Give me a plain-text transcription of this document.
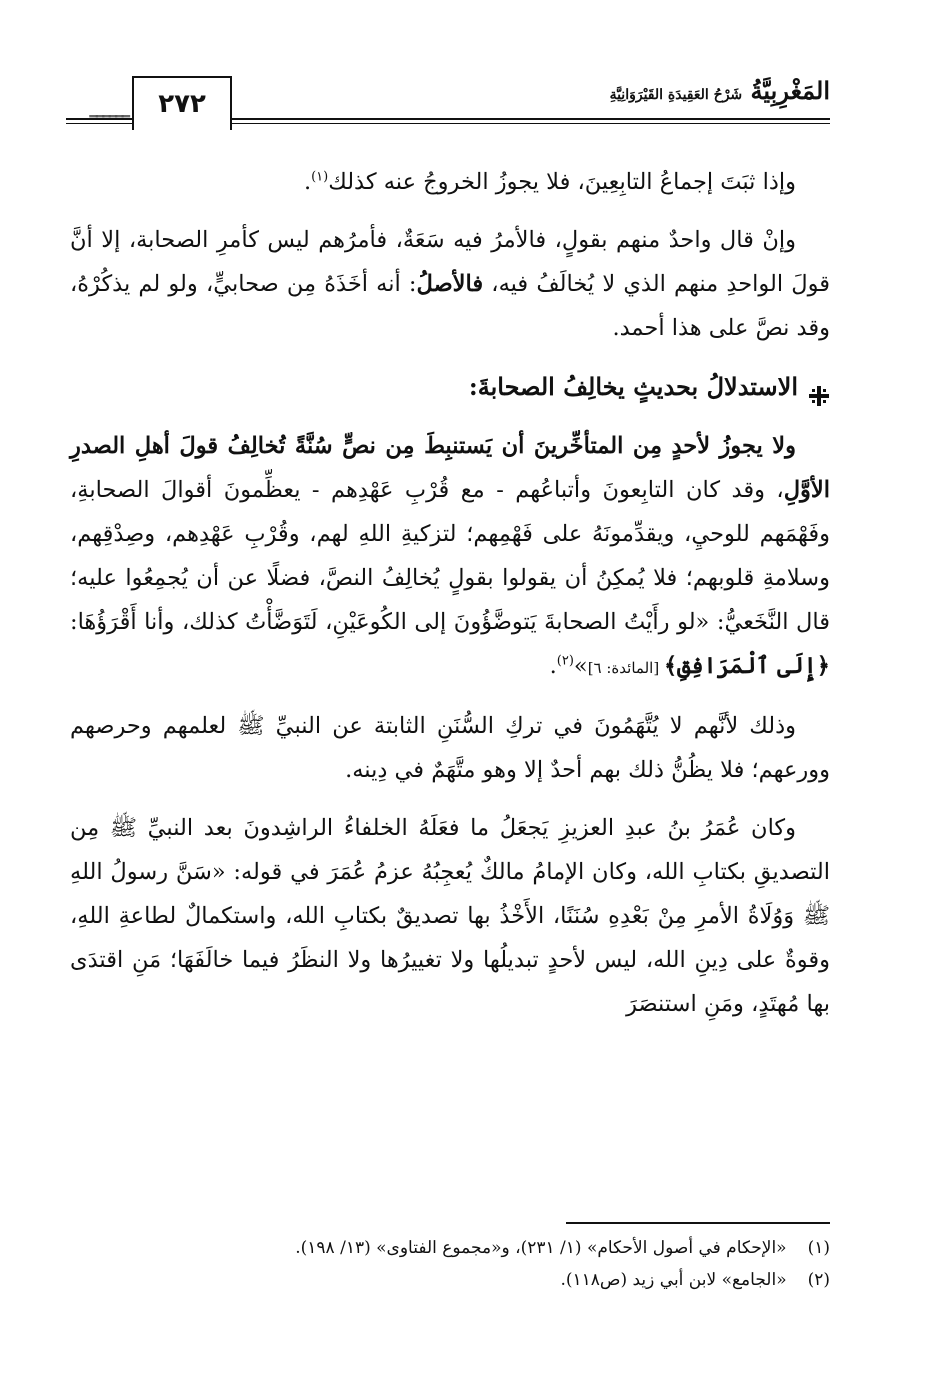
المَغْرِبِيَّةُ شَرْحُ العَقِيدَةِ القَيْرَوَانِيَّةِ
══════	٢٧٢

وإذا ثبَتَ إجماعُ التابِعِينَ، فلا يجوزُ الخروجُ عنه كذلك$^{(١)}$.

وإنْ قال واحدٌ منهم بقولٍ، فالأمرُ فيه سَعَةٌ، فأمرُهم ليس كأمرِ الصحابة، إلا أنَّ قولَ الواحدِ منهم الذي لا يُخالَفُ فيه، فالأصلُ: أنه أخَذَهُ مِن صحابيٍّ، ولو لم يذكُرْهُ، وقد نصَّ على هذا أحمد.

الاستدلالُ بحديثٍ يخالِفُ الصحابةَ:

ولا يجوزُ لأحدٍ مِن المتأخِّرينَ أن يَستنبِطَ مِن نصٍّ سُنَّةً تُخالِفُ قولَ أهلِ الصدرِ الأوَّلِ، وقد كان التابِعونَ وأتباعُهم - مع قُرْبِ عَهْدِهم - يعظِّمونَ أقوالَ الصحابةِ، وفَهْمَهم للوحيِ، ويقدِّمونَهُ على فَهْمِهم؛ لتزكيةِ اللهِ لهم، وقُرْبِ عَهْدِهم، وصِدْقِهم، وسلامةِ قلوبهم؛ فلا يُمكِنُ أن يقولوا بقولٍ يُخالِفُ النصَّ، فضلًا عن أن يُجمِعُوا عليه؛ قال النَّخَعيُّ: «لو رأَيْتُ الصحابةَ يَتوضَّؤُونَ إلى الكُوعَيْنِ، لَتَوَضَّأْتُ كذلك، وأنا أَقْرَؤُهَا: ﴿إِلَى ٱلْمَرَافِقِ﴾ [المائدة: ٦]»$^{(٢)}$.

وذلك لأنَّهم لا يُتَّهَمُونَ في تركِ السُّنَنِ الثابتة عن النبيِّ ﷺ لعلمهم وحرصهم وورعهم؛ فلا يظُنُّ ذلك بهم أحدٌ إلا وهو متَّهَمٌ في دِينه.

وكان عُمَرُ بنُ عبدِ العزيزِ يَجعَلُ ما فعَلَهُ الخلفاءُ الراشِدونَ بعد النبيِّ ﷺ مِن التصديقِ بكتابِ الله، وكان الإمامُ مالكٌ يُعجِبُهُ عزمُ عُمَرَ في قوله: «سَنَّ رسولُ اللهِ ﷺ وَوُلَاةُ الأمرِ مِنْ بَعْدِهِ سُنَنًا، الأَخْذُ بها تصديقٌ بكتابِ الله، واستكمالٌ لطاعةِ اللهِ، وقوةٌ على دِينِ الله، ليس لأحدٍ تبديلُها ولا تغييرُها ولا النظَرُ فيما خالَفَهَا؛ مَنِ اقتدَى بها مُهتَدٍ، ومَنِ استنصَرَ

(١) «الإحكام في أصول الأحكام» (١/ ٢٣١)، و«مجموع الفتاوى» (١٣/ ١٩٨).

(٢) «الجامع» لابن أبي زيد (ص١١٨).
